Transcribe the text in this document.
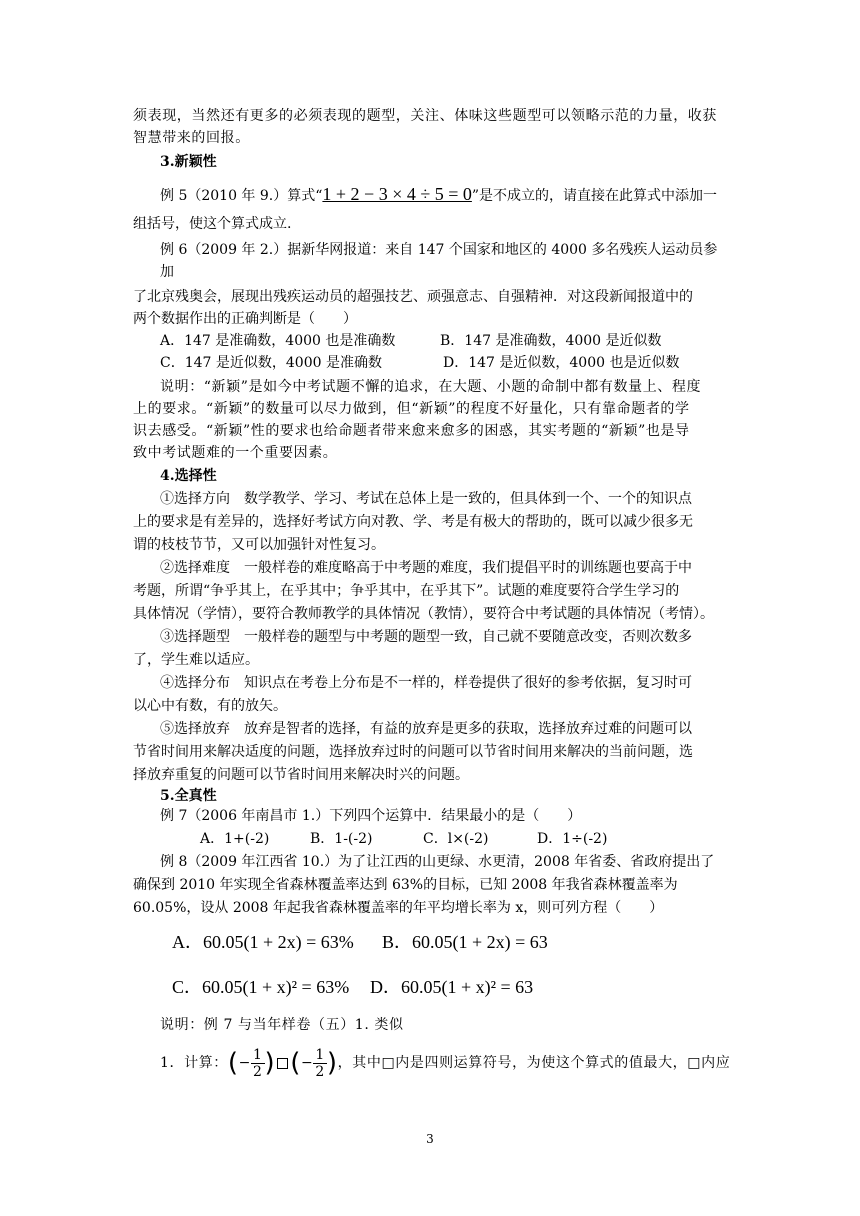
须表现，当然还有更多的必须表现的题型，关注、体味这些题型可以领略示范的力量，收获
智慧带来的回报。
3.新颖性
例 5（2010 年 9.）算式“1 + 2 − 3 × 4 ÷ 5 = 0”是不成立的，请直接在此算式中添加一
组括号，使这个算式成立.
例 6（2009 年 2.）据新华网报道：来自 147 个国家和地区的 4000 多名残疾人运动员参
加
了北京残奥会，展现出残疾运动员的超强技艺、顽强意志、自强精神．对这段新闻报道中的
两个数据作出的正确判断是（　　）
A．147 是准确数，4000 也是准确数	B．147 是准确数，4000 是近似数
C．147 是近似数，4000 是准确数	D．147 是近似数，4000 也是近似数
说明：“新颖”是如今中考试题不懈的追求，在大题、小题的命制中都有数量上、程度
上的要求。“新颖”的数量可以尽力做到，但“新颖”的程度不好量化，只有靠命题者的学
识去感受。“新颖”性的要求也给命题者带来愈来愈多的困惑，其实考题的“新颖”也是导
致中考试题难的一个重要因素。
4.选择性
①选择方向　数学教学、学习、考试在总体上是一致的，但具体到一个、一个的知识点
上的要求是有差异的，选择好考试方向对教、学、考是有极大的帮助的，既可以减少很多无
谓的枝枝节节，又可以加强针对性复习。
②选择难度　一般样卷的难度略高于中考题的难度，我们提倡平时的训练题也要高于中
考题，所谓“争乎其上，在乎其中；争乎其中，在乎其下”。试题的难度要符合学生学习的
具体情况（学情），要符合教师教学的具体情况（教情），要符合中考试题的具体情况（考情）。
③选择题型　一般样卷的题型与中考题的题型一致，自己就不要随意改变，否则次数多
了，学生难以适应。
④选择分布　知识点在考卷上分布是不一样的，样卷提供了很好的参考依据，复习时可
以心中有数，有的放矢。
⑤选择放弃　放弃是智者的选择，有益的放弃是更多的获取，选择放弃过难的问题可以
节省时间用来解决适度的问题，选择放弃过时的问题可以节省时间用来解决的当前问题，选
择放弃重复的问题可以节省时间用来解决时兴的问题。
5.全真性
例 7（2006 年南昌市 1.）下列四个运算中．结果最小的是（　　）
A．1+(-2)	B．1-(-2)	C．l×(-2)	D．1÷(-2)
例 8（2009 年江西省 10.）为了让江西的山更绿、水更清，2008 年省委、省政府提出了
确保到 2010 年实现全省森林覆盖率达到 63%的目标，已知 2008 年我省森林覆盖率为
60.05%，设从 2008 年起我省森林覆盖率的年平均增长率为 x，则可列方程（　　）
A．60.05(1 + 2x) = 63% B．60.05(1 + 2x) = 63
C．60.05(1 + x)² = 63% D．60.05(1 + x)² = 63
说明：例 7 与当年样卷（五）1. 类似
1．计算：(− $\frac{1}{2}$ ) (− $\frac{1}{2}$ )，其中□内是四则运算符号，为使这个算式的值最大，□内应
3
